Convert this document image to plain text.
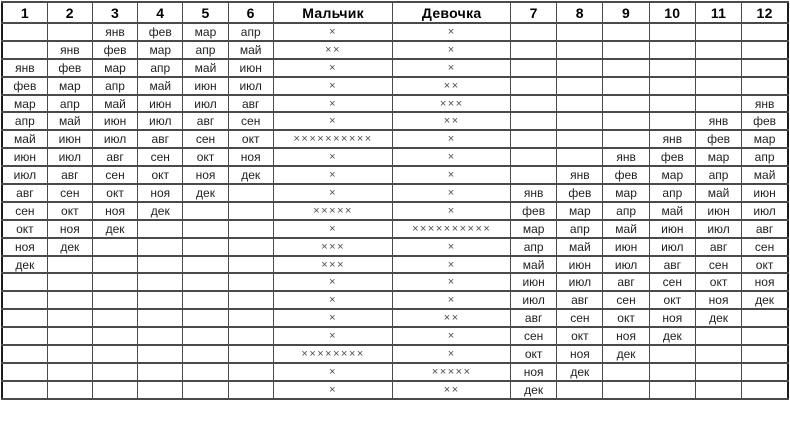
1	2	3	4	5	6	Мальчик	Девочка	7	8	9	10	11	12
		янв	фев	мар	апр	×	×						
	янв	фев	мар	апр	май	××	×						
янв	фев	мар	апр	май	июн	×	×						
фев	мар	апр	май	июн	июл	×	××						
мар	апр	май	июн	июл	авг	×	×××						янв
апр	май	июн	июл	авг	сен	×	××					янв	фев
май	июн	июл	авг	сен	окт	××××××××××	×				янв	фев	мар
июн	июл	авг	сен	окт	ноя	×	×			янв	фев	мар	апр
июл	авг	сен	окт	ноя	дек	×	×		янв	фев	мар	апр	май
авг	сен	окт	ноя	дек		×	×	янв	фев	мар	апр	май	июн
сен	окт	ноя	дек			×××××	×	фев	мар	апр	май	июн	июл
окт	ноя	дек				×	××××××××××	мар	апр	май	июн	июл	авг
ноя	дек					×××	×	апр	май	июн	июл	авг	сен
дек						×××	×	май	июн	июл	авг	сен	окт
						×	×	июн	июл	авг	сен	окт	ноя
						×	×	июл	авг	сен	окт	ноя	дек
						×	××	авг	сен	окт	ноя	дек	
						×	×	сен	окт	ноя	дек		
						××××××××	×	окт	ноя	дек			
						×	×××××	ноя	дек				
						×	××	дек					
